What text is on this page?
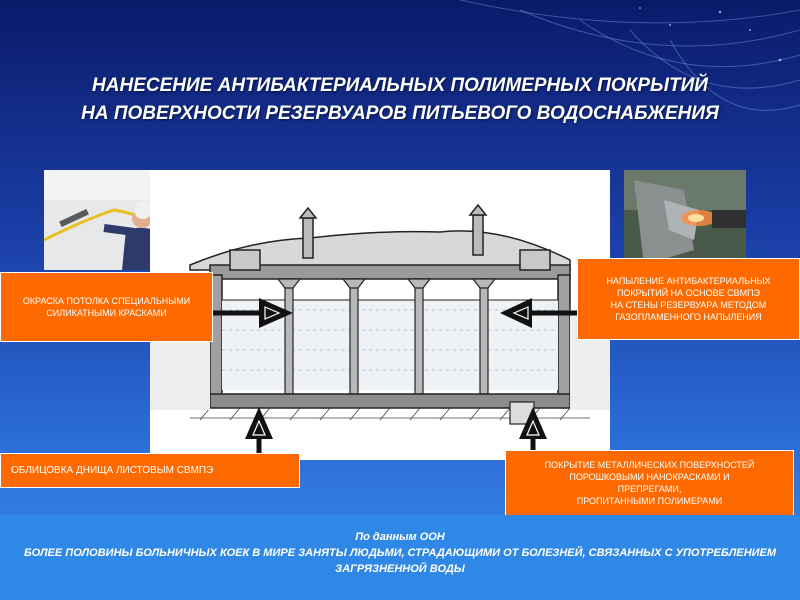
НАНЕСЕНИЕ АНТИБАКТЕРИАЛЬНЫХ ПОЛИМЕРНЫХ ПОКРЫТИЙ
НА ПОВЕРХНОСТИ РЕЗЕРВУАРОВ ПИТЬЕВОГО ВОДОСНАБЖЕНИЯ
ОКРАСКА ПОТОЛКА СПЕЦИАЛЬНЫМИ СИЛИКАТНЫМИ КРАСКАМИ
НАПЫЛЕНИЕ АНТИБАКТЕРИАЛЬНЫХ
ПОКРЫТИЙ НА ОСНОВЕ СВМПЭ
НА СТЕНЫ РЕЗЕРВУАРА МЕТОДОМ
ГАЗОПЛАМЕННОГО НАПЫЛЕНИЯ
ОБЛИЦОВКА ДНИЩА ЛИСТОВЫМ СВМПЭ	ПОКРЫТИЕ МЕТАЛЛИЧЕСКИХ ПОВЕРХНОСТЕЙ
ПОРОШКОВЫМИ НАНОКРАСКАМИ И
ПРЕПРЕГАМИ,
ПРОПИТАННЫМИ ПОЛИМЕРАМИ
По данным ООН
БОЛЕЕ ПОЛОВИНЫ БОЛЬНИЧНЫХ КОЕК В МИРЕ ЗАНЯТЫ ЛЮДЬМИ, СТРАДАЮЩИМИ ОТ БОЛЕЗНЕЙ, СВЯЗАННЫХ С УПОТРЕБЛЕНИЕМ ЗАГРЯЗНЕННОЙ ВОДЫ
